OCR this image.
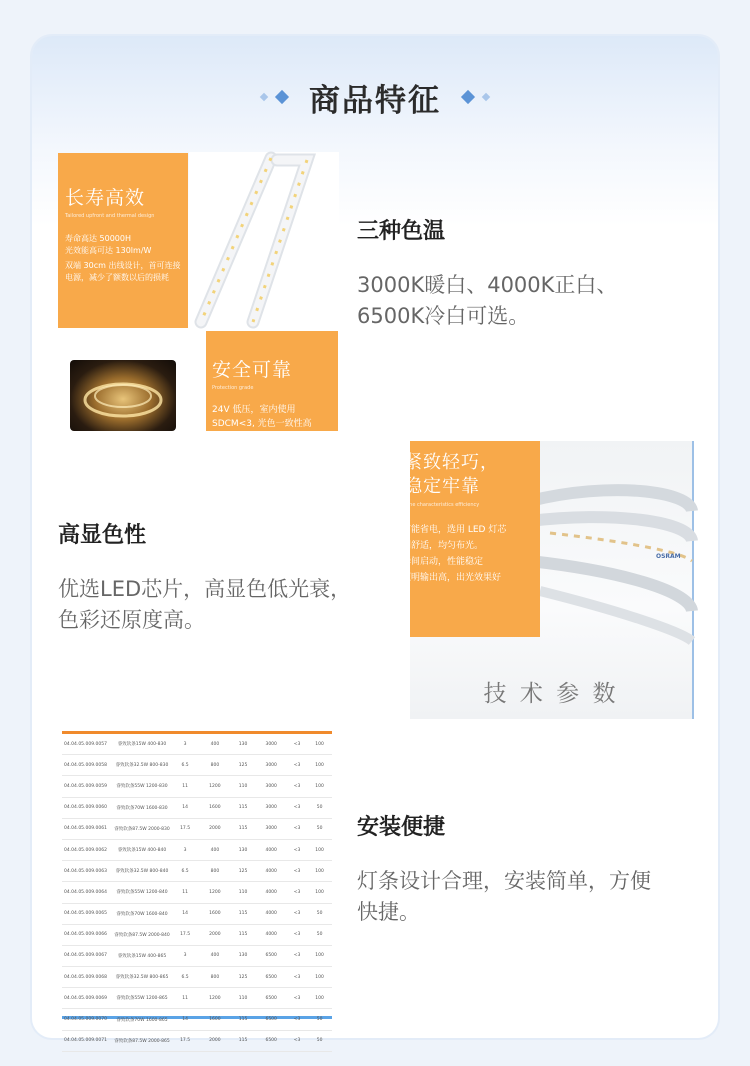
商品特征
长寿高效
Tailored upfront and thermal design
寿命高达 50000H
光效能高可达 130lm/W
双端 30cm 出线设计，首可连接
电源，减少了额数以后的损耗
安全可靠
Protection grade
24V 低压，室内使用
SDCM<3, 光色一致性高
三种色温
3000K暖白、4000K正白、
6500K冷白可选。
OSRAM
技 术 参 数
紧致轻巧，
稳定牢靠
fine characteristics efficiency
节能省电，选用 LED 灯芯
明舒适，均匀布光。
瞬间启动，性能稳定
照明输出高，出光效果好
高显色性
优选LED芯片，高显色低光衰，
色彩还原度高。
04.04.05.009.0057	睿致软条15W 400-830	3	400	130	3000	<3	100
04.04.05.009.0058	睿致软条32.5W 800-830	6.5	800	125	3000	<3	100
04.04.05.009.0059	睿致软条55W 1200-830	11	1200	110	3000	<3	100
04.04.05.009.0060	睿致软条70W 1600-830	14	1600	115	3000	<3	50
04.04.05.009.0061	睿致软条87.5W 2000-830	17.5	2000	115	3000	<3	50
04.04.05.009.0062	睿致软条15W 400-840	3	400	130	4000	<3	100
04.04.05.009.0063	睿致软条32.5W 800-840	6.5	800	125	4000	<3	100
04.04.05.009.0064	睿致软条55W 1200-840	11	1200	110	4000	<3	100
04.04.05.009.0065	睿致软条70W 1600-840	14	1600	115	4000	<3	50
04.04.05.009.0066	睿致软条87.5W 2000-840	17.5	2000	115	4000	<3	50
04.04.05.009.0067	睿致软条15W 400-865	3	400	130	6500	<3	100
04.04.05.009.0068	睿致软条32.5W 800-865	6.5	800	125	6500	<3	100
04.04.05.009.0069	睿致软条55W 1200-865	11	1200	110	6500	<3	100
04.04.05.009.0070	睿致软条70W 1600-865	14	1600	115	6500	<3	50
04.04.05.009.0071	睿致软条87.5W 2000-865	17.5	2000	115	6500	<3	50
安装便捷
灯条设计合理，安装简单，方便
快捷。
